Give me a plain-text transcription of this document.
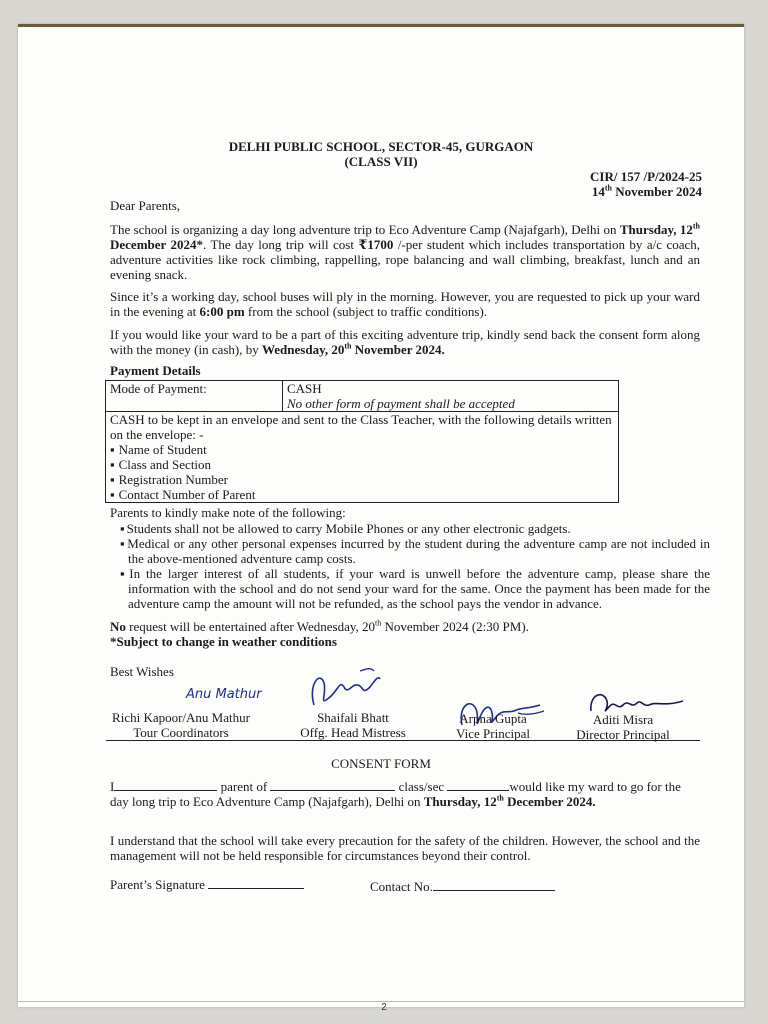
DELHI PUBLIC SCHOOL, SECTOR-45, GURGAON
(CLASS VII)
CIR/ 157 /P/2024-25
14th November 2024
Dear Parents,
The school is organizing a day long adventure trip to Eco Adventure Camp (Najafgarh), Delhi on Thursday, 12th December 2024*. The day long trip will cost ₹1700 /-per student which includes transportation by a/c coach, adventure activities like rock climbing, rappelling, rope balancing and wall climbing, breakfast, lunch and an evening snack.
Since it’s a working day, school buses will ply in the morning. However, you are requested to pick up your ward in the evening at 6:00 pm from the school (subject to traffic conditions).
If you would like your ward to be a part of this exciting adventure trip, kindly send back the consent form along with the money (in cash), by Wednesday, 20th November 2024.
Payment Details
Mode of Payment:	CASH
No other form of payment shall be accepted

CASH to be kept in an envelope and sent to the Class Teacher, with the following details written on the envelope: -
▪ Name of Student
▪ Class and Section
▪ Registration Number
▪ Contact Number of Parent
Parents to kindly make note of the following:
▪ Students shall not be allowed to carry Mobile Phones or any other electronic gadgets.
▪ Medical or any other personal expenses incurred by the student during the adventure camp are not included in the above-mentioned adventure camp costs.
▪ In the larger interest of all students, if your ward is unwell before the adventure camp, please share the information with the school and do not send your ward for the same. Once the payment has been made for the adventure camp the amount will not be refunded, as the school pays the vendor in advance.
No request will be entertained after Wednesday, 20th November 2024 (2:30 PM).
*Subject to change in weather conditions
Best Wishes
Anu Mathur
Richi Kapoor/Anu Mathur
Tour Coordinators
Shaifali Bhatt
Offg. Head Mistress
Arpna Gupta
Vice Principal
Aditi Misra
Director Principal
CONSENT FORM
I	parent of	class/sec	would like my ward to go for the
day long trip to Eco Adventure Camp (Najafgarh), Delhi on Thursday, 12th December 2024.
I understand that the school will take every precaution for the safety of the children. However, the school and the management will not be held responsible for circumstances beyond their control.
Parent’s Signature	Contact No.
2
